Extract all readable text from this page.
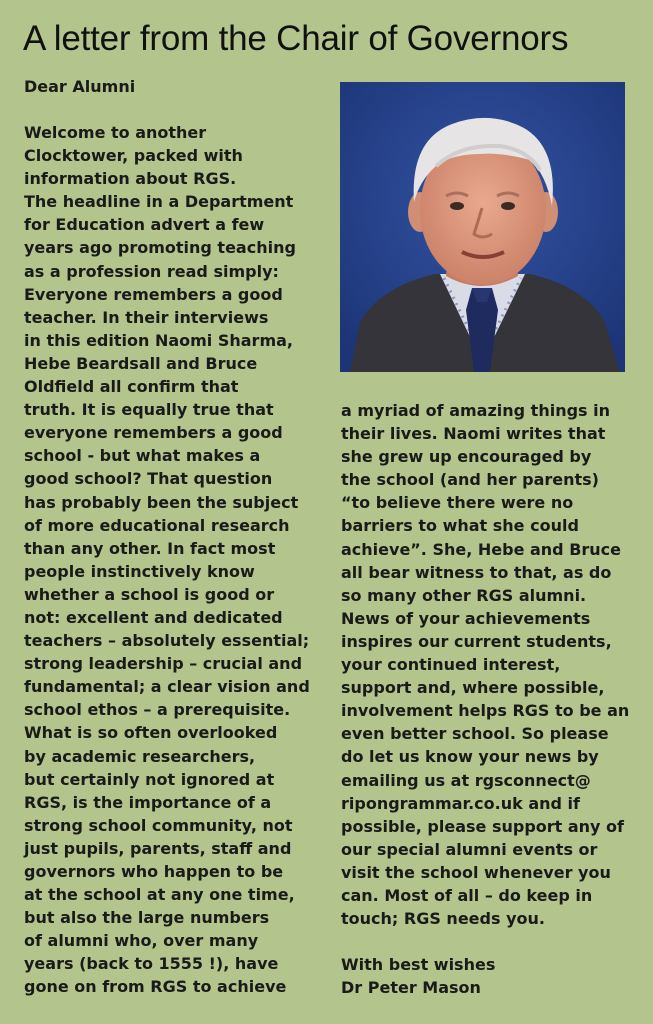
A letter from the Chair of Governors
Dear Alumni
Welcome to another
Clocktower, packed with
information about RGS.
The headline in a Department
for Education advert a few
years ago promoting teaching
as a profession read simply:
Everyone remembers a good
teacher. In their interviews
in this edition Naomi Sharma,
Hebe Beardsall and Bruce
Oldfield all confirm that
truth. It is equally true that
everyone remembers a good
school - but what makes a
good school? That question
has probably been the subject
of more educational research
than any other. In fact most
people instinctively know
whether a school is good or
not: excellent and dedicated
teachers – absolutely essential;
strong leadership – crucial and
fundamental; a clear vision and
school ethos – a prerequisite.
What is so often overlooked
by academic researchers,
but certainly not ignored at
RGS, is the importance of a
strong school community, not
just pupils, parents, staff and
governors who happen to be
at the school at any one time,
but also the large numbers
of alumni who, over many
years (back to 1555 !), have
gone on from RGS to achieve
a myriad of amazing things in
their lives. Naomi writes that
she grew up encouraged by
the school (and her parents)
“to believe there were no
barriers to what she could
achieve”. She, Hebe and Bruce
all bear witness to that, as do
so many other RGS alumni.
News of your achievements
inspires our current students,
your continued interest,
support and, where possible,
involvement helps RGS to be an
even better school. So please
do let us know your news by
emailing us at rgsconnect@
ripongrammar.co.uk and if
possible, please support any of
our special alumni events or
visit the school whenever you
can. Most of all – do keep in
touch; RGS needs you.
With best wishes
Dr Peter Mason
